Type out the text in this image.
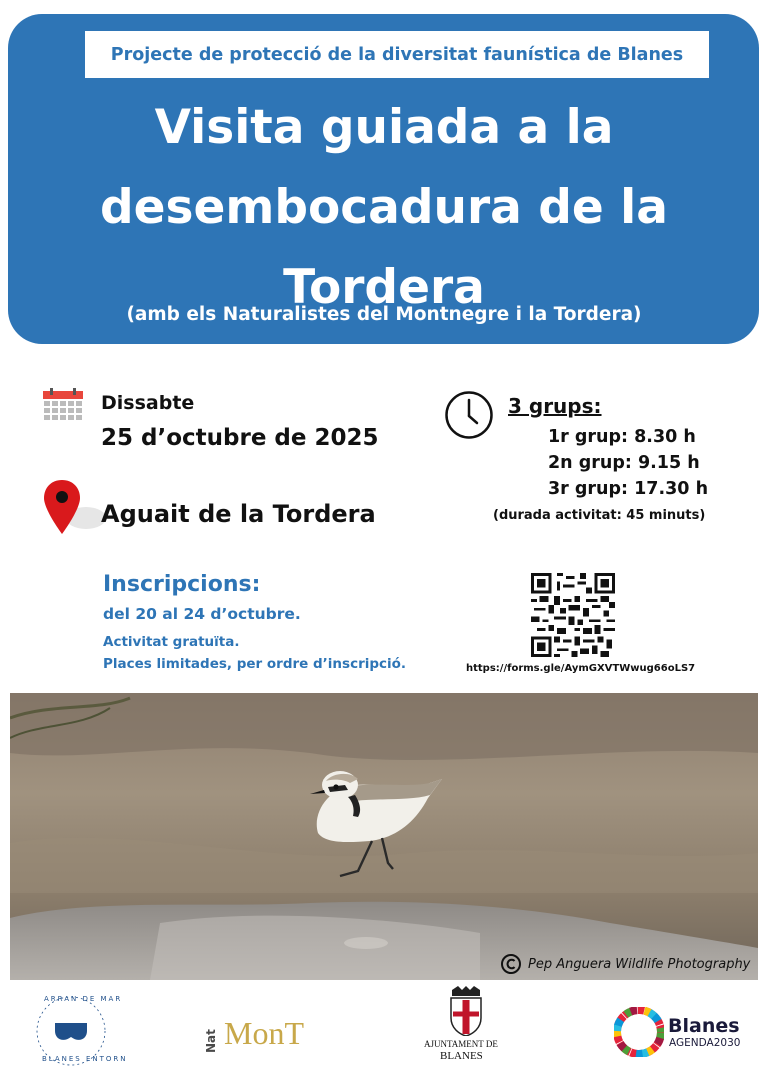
Projecte de protecció de la diversitat faunística de Blanes
Visita guiada a la
desembocadura de la
Tordera
(amb els Naturalistes del Montnegre i la Tordera)
Dissabte
25 d’octubre de 2025
Aguait de la Tordera
3 grups:
1r grup: 8.30 h
2n grup: 9.15 h
3r grup: 17.30 h
(durada activitat: 45 minuts)
Inscripcions:
del 20 al 24 d’octubre.
Activitat gratuïta.
Places limitades, per ordre d’inscripció.	https://forms.gle/AymGXVTWwug66oLS7
Pep Anguera Wildlife Photography
ARRAN DE MAR
BLANES ENTORN
Nat MonT	AJUNTAMENT DE
BLANES
Blanes
AGENDA2030
